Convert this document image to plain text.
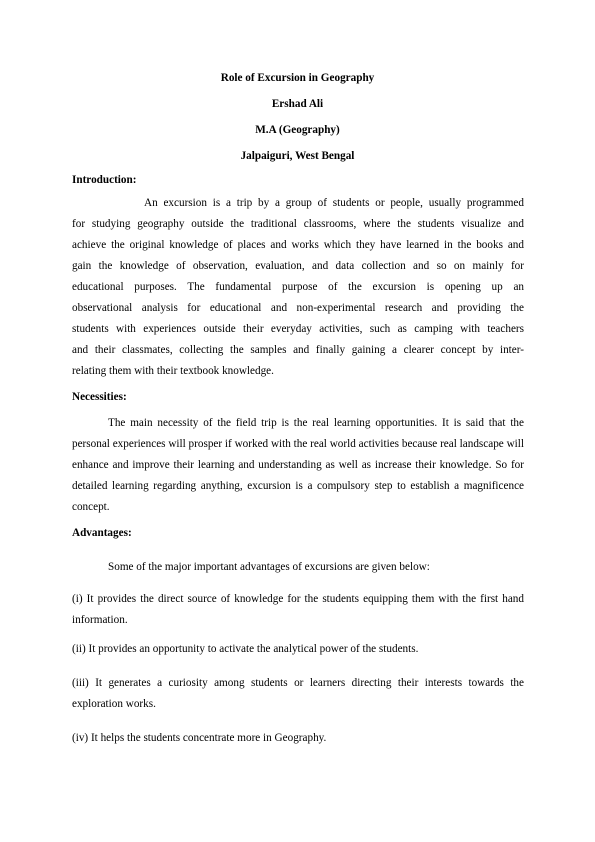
Role of Excursion in Geography
Ershad Ali
M.A (Geography)
Jalpaiguri, West Bengal
Introduction:

An excursion is a trip by a group of students or people, usually programmed

for studying geography outside the traditional classrooms, where the students visualize and

achieve the original knowledge of places and works which they have learned in the books and

gain the knowledge of observation, evaluation, and data collection and so on mainly for

educational purposes. The fundamental purpose of the excursion is opening up an

observational analysis for educational and non-experimental research and providing the

students with experiences outside their everyday activities, such as camping with teachers

and their classmates, collecting the samples and finally gaining a clearer concept by inter-

relating them with their textbook knowledge.

Necessities:

The main necessity of the field trip is the real learning opportunities. It is said that the personal experiences will prosper if worked with the real world activities because real landscape will enhance and improve their learning and understanding as well as increase their knowledge. So for detailed learning regarding anything, excursion is a compulsory step to establish a magnificence concept.

Advantages:

Some of the major important advantages of excursions are given below:

(i) It provides the direct source of knowledge for the students equipping them with the first hand information.

(ii) It provides an opportunity to activate the analytical power of the students.

(iii) It generates a curiosity among students or learners directing their interests towards the exploration works.

(iv) It helps the students concentrate more in Geography.
